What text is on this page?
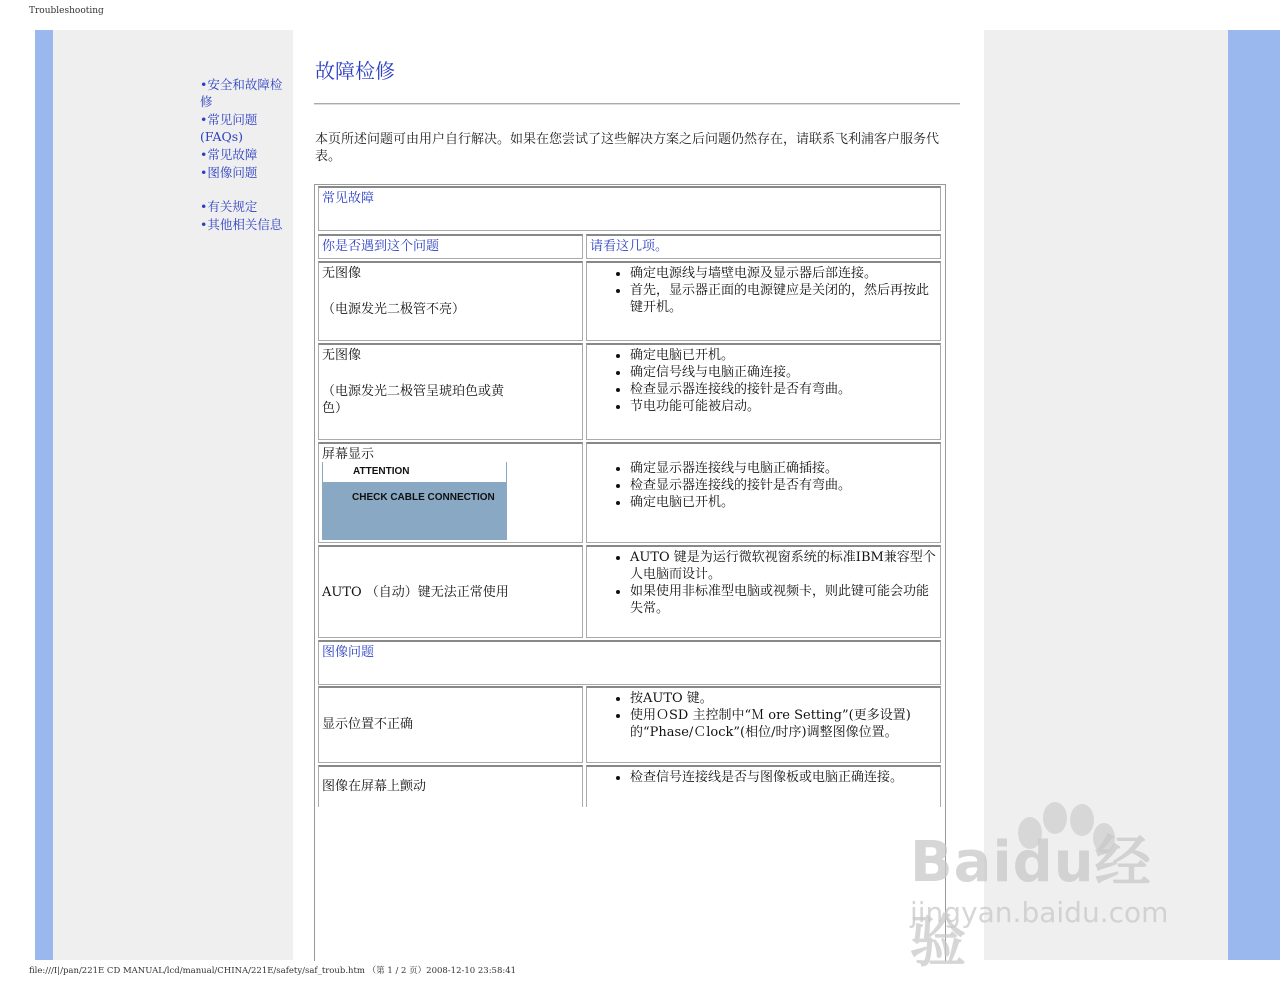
Troubleshooting
•安全和故障检修
•常见问题(FAQs)
•常见故障
•图像问题
•有关规定
•其他相关信息
故障检修
本页所述问题可由用户自行解决。如果在您尝试了这些解决方案之后问题仍然存在，请联系飞利浦客户服务代表。
常见故障
你是否遇到这个问题	请看这几项。
无图像
（电源发光二极管不亮）
• 确定电源线与墙壁电源及显示器后部连接。
• 首先，显示器正面的电源键应是关闭的，然后再按此键开机。
无图像
（电源发光二极管呈琥珀色或黄色）
• 确定电脑已开机。
• 确定信号线与电脑正确连接。
• 检查显示器连接线的接针是否有弯曲。
• 节电功能可能被启动。
屏幕显示
ATTENTION
CHECK CABLE CONNECTION
• 确定显示器连接线与电脑正确插接。
• 检查显示器连接线的接针是否有弯曲。
• 确定电脑已开机。
AUTO （自动）键无法正常使用
• AUTO 键是为运行微软视窗系统的标准IBM兼容型个人电脑而设计。
• 如果使用非标准型电脑或视频卡，则此键可能会功能失常。
图像问题
显示位置不正确
• 按AUTO 键。
• 使用ＯSD 主控制中“Ｍ ore Setting”(更多设置)的“Phase/Ｃlock”(相位/时序)调整图像位置。
图像在屏幕上颤动
• 检查信号连接线是否与图像板或电脑正确连接。
Baidu经验
jingyan.baidu.com
file:///I|/pan/221E CD MANUAL/lcd/manual/CHINA/221E/safety/saf_troub.htm （第 1 / 2 页）2008-12-10 23:58:41
